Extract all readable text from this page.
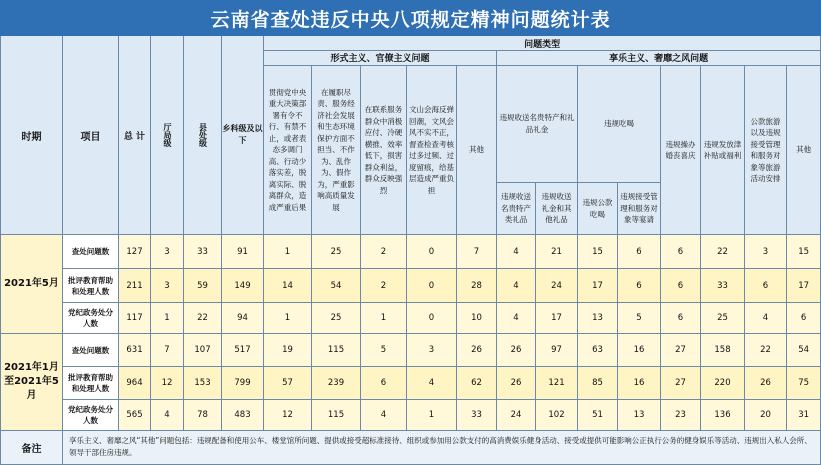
云南省查处违反中央八项规定精神问题统计表																		
时期	项目	总 计	厅局级	县处级	乡科级及以下	问题类型												
						形式主义、官僚主义问题					享乐主义、奢靡之风问题							
						贯彻党中央重大决策部署有令不行、有禁不止，或者表态多调门高、行动少落实差，脱离实际、脱离群众，造成严重后果	在履职尽责、服务经济社会发展和生态环境保护方面不担当、不作为、乱作为、假作为，严重影响高质量发展	在联系服务群众中消极应付、冷硬横推、效率低下，损害群众利益，群众反映强烈	文山会海反弹回潮，文风会风不实不正，督查检查考核过多过频、过度留痕，给基层造成严重负担	其他	违规收送名贵特产和礼品礼金		违规吃喝		违规操办婚丧喜庆	违规发放津补贴或福利	公款旅游以及违规接受管理和服务对象等旅游活动安排	其他
											违规收送名贵特产类礼品	违规收送礼金和其他礼品	违规公款吃喝	违规接受管理和服务对象等宴请				
2021年5月	查处问题数	127	3	33	91	1	25	2	0	7	4	21	15	6	6	22	3	15
	批评教育帮助和处理人数	211	3	59	149	14	54	2	0	28	4	24	17	6	6	33	6	17
	党纪政务处分人数	117	1	22	94	1	25	1	0	10	4	17	13	5	6	25	4	6
2021年1月至2021年5月	查处问题数	631	7	107	517	19	115	5	3	26	26	97	63	16	27	158	22	54
	批评教育帮助和处理人数	964	12	153	799	57	239	6	4	62	26	121	85	16	27	220	26	75
	党纪政务处分人数	565	4	78	483	12	115	4	1	33	24	102	51	13	23	136	20	31
备注	享乐主义、奢靡之风“其他”问题包括：违规配备和使用公车、楼堂馆所问题、提供或接受超标准接待、组织或参加用公款支付的高消费娱乐健身活动、接受或提供可能影响公正执行公务的健身娱乐等活动、违规出入私人会所、领导干部住房违规。																	
